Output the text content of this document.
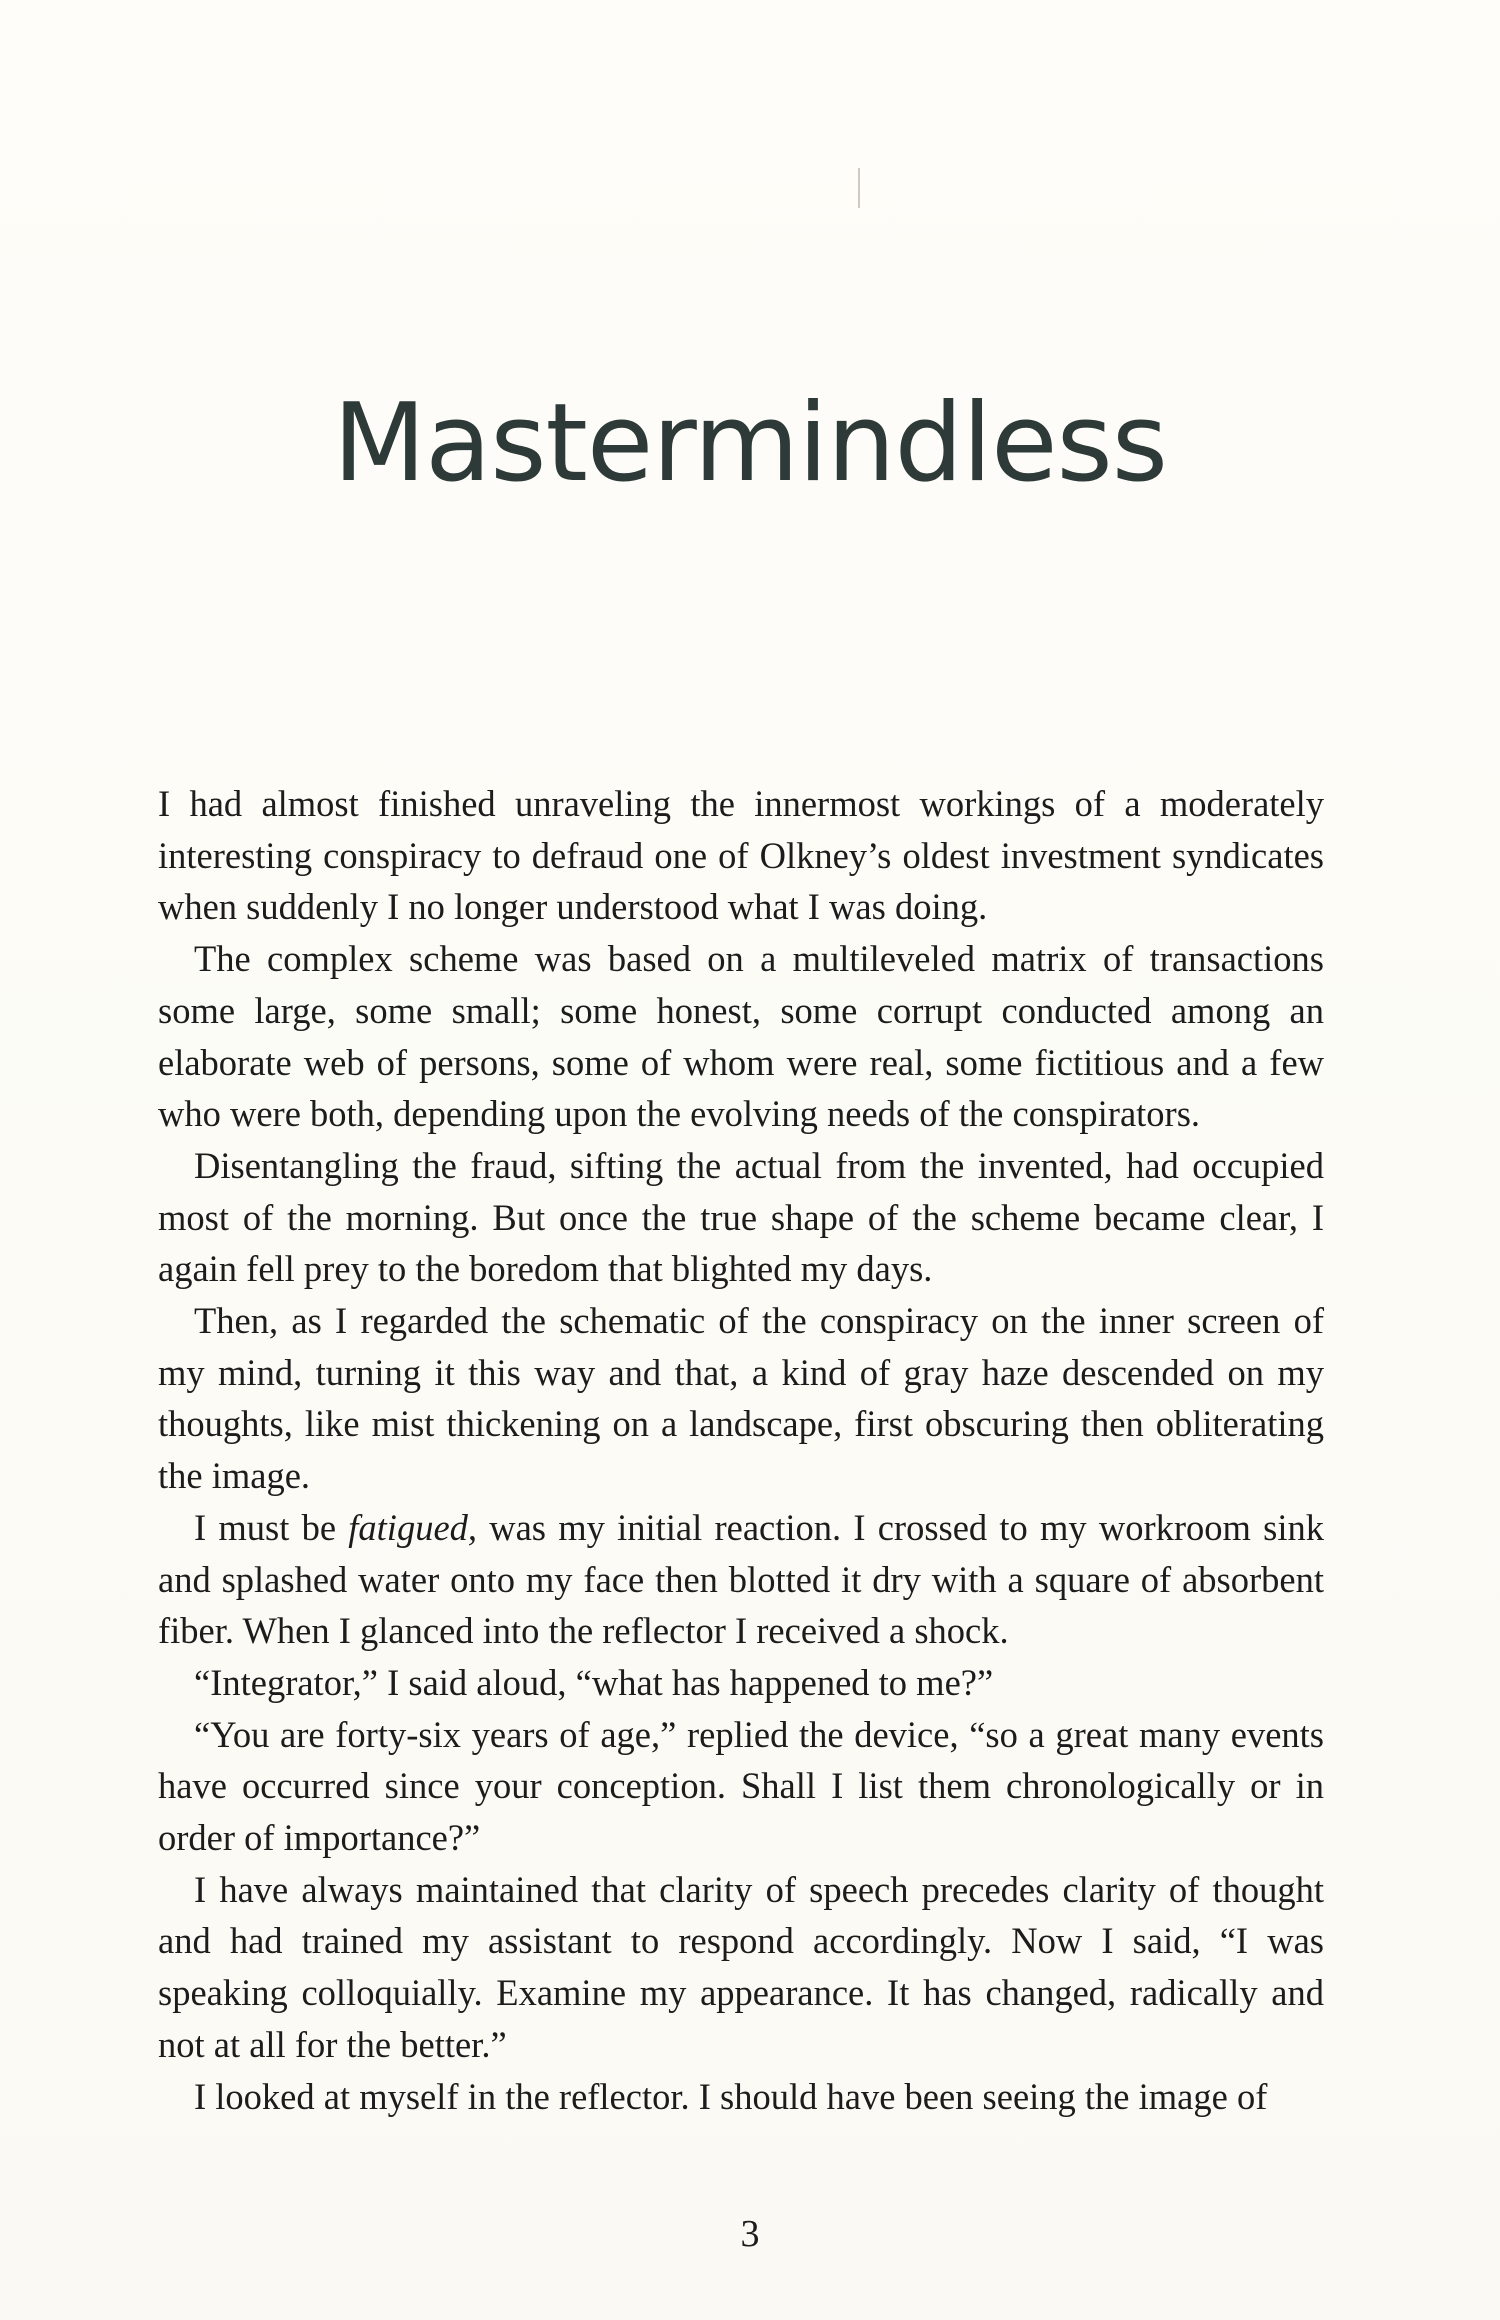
Mastermindless

I had almost finished unraveling the innermost workings of a moderately interesting conspiracy to defraud one of Olkney’s oldest investment syndicates when suddenly I no longer understood what I was doing.

The complex scheme was based on a multileveled matrix of transactions some large, some small; some honest, some corrupt conducted among an elaborate web of persons, some of whom were real, some fictitious and a few who were both, depending upon the evolving needs of the conspirators.

Disentangling the fraud, sifting the actual from the invented, had occupied most of the morning. But once the true shape of the scheme became clear, I again fell prey to the boredom that blighted my days.

Then, as I regarded the schematic of the conspiracy on the inner screen of my mind, turning it this way and that, a kind of gray haze descended on my thoughts, like mist thickening on a landscape, first obscuring then obliterating the image.

I must be fatigued, was my initial reaction. I crossed to my workroom sink and splashed water onto my face then blotted it dry with a square of absorbent fiber. When I glanced into the reflector I received a shock.

“Integrator,” I said aloud, “what has happened to me?”

“You are forty-six years of age,” replied the device, “so a great many events have occurred since your conception. Shall I list them chronologically or in order of importance?”

I have always maintained that clarity of speech precedes clarity of thought and had trained my assistant to respond accordingly. Now I said, “I was speaking colloquially. Examine my appearance. It has changed, radically and not at all for the better.”

I looked at myself in the reflector. I should have been seeing the image of

3
